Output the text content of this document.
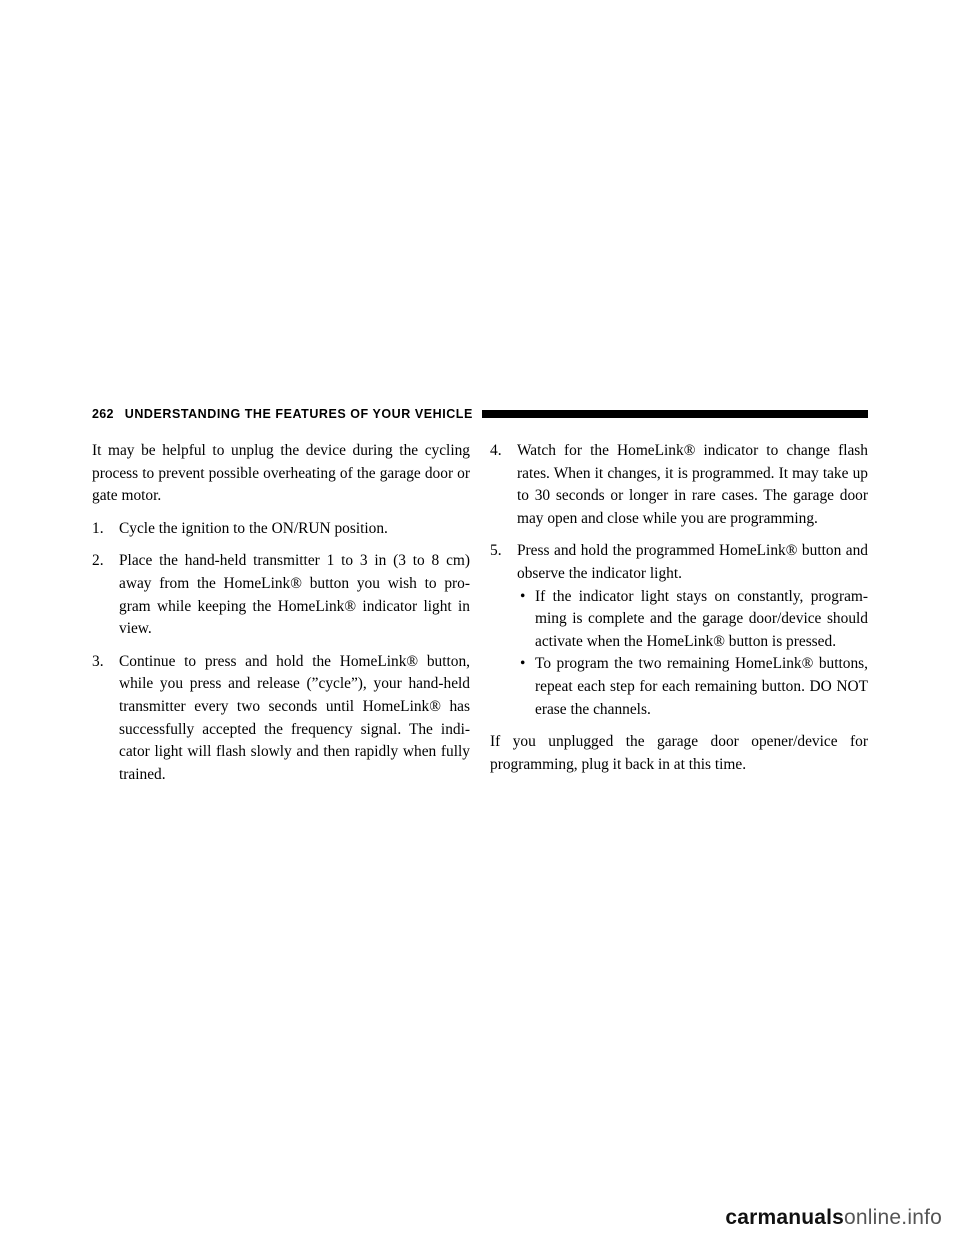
262 UNDERSTANDING THE FEATURES OF YOUR VEHICLE

It may be helpful to unplug the device during the cycling process to prevent possible overheating of the garage door or gate motor.

1.	Cycle the ignition to the ON/RUN position.
2.	Place the hand-held transmitter 1 to 3 in (3 to 8 cm) away from the HomeLink® button you wish to pro-gram while keeping the HomeLink® indicator light in view.
3.	Continue to press and hold the HomeLink® button, while you press and release (”cycle”), your hand-held transmitter every two seconds until HomeLink® has successfully accepted the frequency signal. The indi-cator light will flash slowly and then rapidly when fully trained.
4.	Watch for the HomeLink® indicator to change flash rates. When it changes, it is programmed. It may take up to 30 seconds or longer in rare cases. The garage door may open and close while you are programming.
5.	Press and hold the programmed HomeLink® button and observe the indicator light.
• If the indicator light stays on constantly, program-ming is complete and the garage door/device should activate when the HomeLink® button is pressed.
• To program the two remaining HomeLink® buttons, repeat each step for each remaining button. DO NOT erase the channels.

If you unplugged the garage door opener/device for programming, plug it back in at this time.

carmanualsonline.info
